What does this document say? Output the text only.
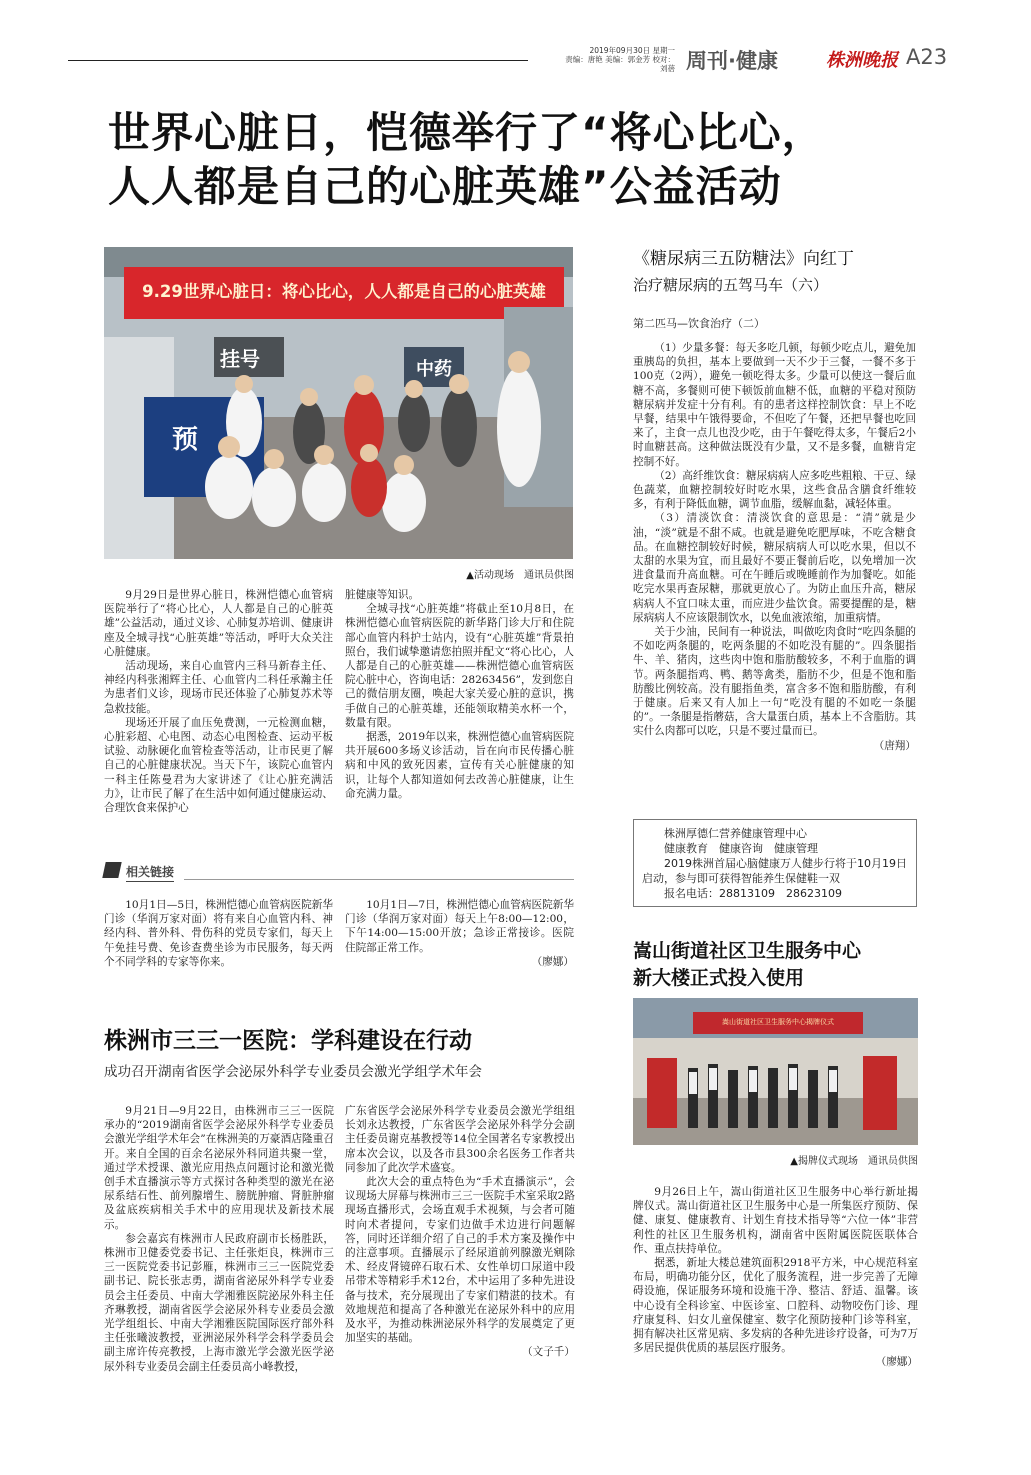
2019年09月30日 星期一
责编：唐艳 美编：郭金芳 校对：刘蓓 周刊·健康	株洲晚报 A23
世界心脏日，恺德举行了“将心比心，
人人都是自己的心脏英雄”公益活动
9.29世界心脏日：将心比心，人人都是自己的心脏英雄
挂号	中药
预
▲活动现场　通讯员供图

9月29日是世界心脏日，株洲恺德心血管病医院举行了“将心比心，人人都是自己的心脏英雄”公益活动，通过义诊、心肺复苏培训、健康讲座及全城寻找“心脏英雄”等活动，呼吁大众关注心脏健康。

活动现场，来自心血管内三科马新春主任、神经内科张湘辉主任、心血管内二科任承瀚主任为患者们义诊，现场市民还体验了心肺复苏术等急救技能。

现场还开展了血压免费测，一元检测血糖，心脏彩超、心电图、动态心电图检查、运动平板试验、动脉硬化血管检查等活动，让市民更了解自己的心脏健康状况。当天下午，该院心血管内一科主任陈曼君为大家讲述了《让心脏充满活力》，让市民了解了在生活中如何通过健康运动、合理饮食来保护心

脏健康等知识。

全城寻找“心脏英雄”将截止至10月8日，在株洲恺德心血管病医院的新华路门诊大厅和住院部心血管内科护士站内，设有“心脏英雄”背景拍照台，我们诚挚邀请您拍照并配文“将心比心，人人都是自己的心脏英雄——株洲恺德心血管病医院心脏中心，咨询电话：28263456”，发到您自己的微信朋友圈，唤起大家关爱心脏的意识，携手做自己的心脏英雄，还能领取精美水杯一个，数量有限。

据悉，2019年以来，株洲恺德心血管病医院共开展600多场义诊活动，旨在向市民传播心脏病和中风的致死因素，宣传有关心脏健康的知识，让每个人都知道如何去改善心脏健康，让生命充满力量。

相关链接

10月1日—5日，株洲恺德心血管病医院新华门诊（华润万家对面）将有来自心血管内科、神经内科、普外科、骨伤科的党员专家们，每天上午免挂号费、免诊查费坐诊为市民服务，每天两个不同学科的专家等你来。

10月1日—7日，株洲恺德心血管病医院新华门诊（华润万家对面）每天上午8:00—12:00，下午14:00—15:00开放；急诊正常接诊。医院住院部正常工作。

（廖娜）
株洲市三三一医院：学科建设在行动
成功召开湖南省医学会泌尿外科学专业委员会激光学组学术年会

9月21日—9月22日，由株洲市三三一医院承办的“2019湖南省医学会泌尿外科学专业委员会激光学组学术年会”在株洲美的万豪酒店隆重召开。来自全国的百余名泌尿外科同道共聚一堂，通过学术授课、激光应用热点问题讨论和激光微创手术直播演示等方式探讨各种类型的激光在泌尿系结石性、前列腺增生、膀胱肿瘤、肾脏肿瘤及盆底疾病相关手术中的应用现状及新技术展示。

参会嘉宾有株洲市人民政府副市长杨胜跃，株洲市卫健委党委书记、主任张炬良，株洲市三三一医院党委书记彭雁，株洲市三三一医院党委副书记、院长张志勇，湖南省泌尿外科学专业委员会主任委员、中南大学湘雅医院泌尿外科主任齐琳教授，湖南省医学会泌尿外科专业委员会激光学组组长、中南大学湘雅医院国际医疗部外科主任张曦波教授，亚洲泌尿外科学会科学委员会副主席许传亮教授，上海市激光学会激光医学泌尿外科专业委员会副主任委员高小峰教授，

广东省医学会泌尿外科学专业委员会激光学组组长刘永达教授，广东省医学会泌尿外科学分会副主任委员谢克基教授等14位全国著名专家教授出席本次会议，以及各市县300余名医务工作者共同参加了此次学术盛宴。

此次大会的重点特色为“手术直播演示”，会议现场大屏幕与株洲市三三一医院手术室采取2路现场直播形式，会场直观手术视频，与会者可随时向术者提问，专家们边做手术边进行问题解答，同时还详细介绍了自己的手术方案及操作中的注意事项。直播展示了经尿道前列腺激光剜除术、经皮肾镜碎石取石术、女性单切口尿道中段吊带术等精彩手术12台，术中运用了多种先进设备与技术，充分展现出了专家们精湛的技术。有效地规范和提高了各种激光在泌尿外科中的应用及水平，为推动株洲泌尿外科学的发展奠定了更加坚实的基础。

（文子千）
《糖尿病三五防糖法》向红丁
治疗糖尿病的五驾马车（六）
第二匹马—饮食治疗（二）

（1）少量多餐：每天多吃几顿，每顿少吃点儿，避免加重胰岛的负担，基本上要做到一天不少于三餐，一餐不多于100克（2两），避免一顿吃得太多。少量可以使这一餐后血糖不高，多餐则可使下顿饭前血糖不低，血糖的平稳对预防糖尿病并发症十分有利。有的患者这样控制饮食：早上不吃早餐，结果中午饿得要命，不但吃了午餐，还把早餐也吃回来了，主食一点儿也没少吃，由于午餐吃得太多，午餐后2小时血糖甚高。这种做法既没有少量，又不是多餐，血糖肯定控制不好。

（2）高纤维饮食：糖尿病病人应多吃些粗粮、干豆、绿色蔬菜，血糖控制较好时吃水果，这些食品含膳食纤维较多，有利于降低血糖，调节血脂，缓解血黏，减轻体重。

（3）清淡饮食：清淡饮食的意思是：“清”就是少油，“淡”就是不甜不咸。也就是避免吃肥厚味，不吃含糖食品。在血糖控制较好时候，糖尿病病人可以吃水果，但以不太甜的水果为宜，而且最好不要正餐前后吃，以免增加一次进食量而升高血糖。可在午睡后或晚睡前作为加餐吃。如能吃完水果再查尿糖，那就更放心了。为防止血压升高，糖尿病病人不宜口味太重，而应进少盐饮食。需要提醒的是，糖尿病病人不应该限制饮水，以免血液浓缩，加重病情。

关于少油，民间有一种说法，叫做吃肉食时“吃四条腿的不如吃两条腿的，吃两条腿的不如吃没有腿的”。四条腿指牛、羊、猪肉，这些肉中饱和脂肪酸较多，不利于血脂的调节。两条腿指鸡、鸭、鹅等禽类，脂肪不少，但是不饱和脂肪酸比例较高。没有腿指鱼类，富含多不饱和脂肪酸，有利于健康。后来又有人加上一句“吃没有腿的不如吃一条腿的”。一条腿是指蘑菇，含大量蛋白质，基本上不含脂肪。其实什么肉都可以吃，只是不要过量而已。

（唐翔）
株洲厚德仁营养健康管理中心
健康教育　健康咨询　健康管理
2019株洲首届心脑健康万人健步行将于10月19日启动，参与即可获得智能养生保健鞋一双
报名电话：28813109　28623109
嵩山街道社区卫生服务中心
新大楼正式投入使用
嵩山街道社区卫生服务中心揭牌仪式
▲揭牌仪式现场　通讯员供图

9月26日上午，嵩山街道社区卫生服务中心举行新址揭牌仪式。嵩山街道社区卫生服务中心是一所集医疗预防、保健、康复、健康教育、计划生育技术指导等“六位一体”非营利性的社区卫生服务机构，湖南省中医附属医院医联体合作、重点扶持单位。

据悉，新址大楼总建筑面积2918平方米，中心规范科室布局，明确功能分区，优化了服务流程，进一步完善了无障碍设施，保证服务环境和设施干净、整洁、舒适、温馨。该中心设有全科诊室、中医诊室、口腔科、动物咬伤门诊、理疗康复科、妇女儿童保健室、数字化预防接种门诊等科室，拥有解决社区常见病、多发病的各种先进诊疗设备，可为7万多居民提供优质的基层医疗服务。

（廖娜）
